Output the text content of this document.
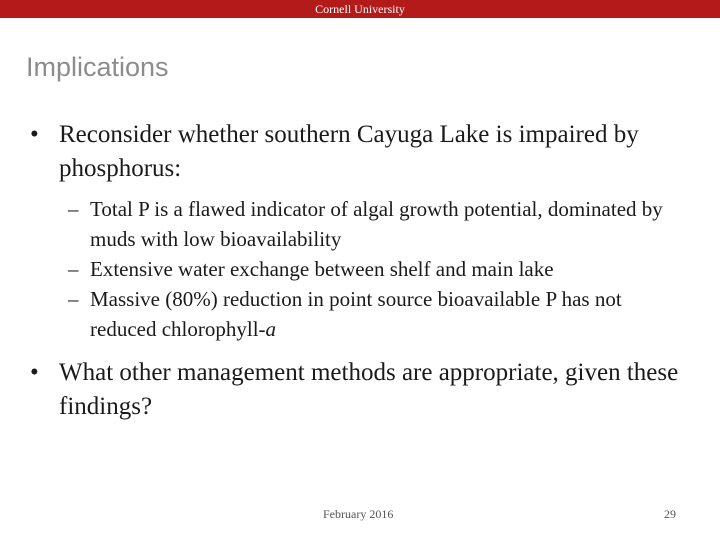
Cornell University
Implications
• Reconsider whether southern Cayuga Lake is impaired by phosphorus:
– Total P is a flawed indicator of algal growth potential, dominated by muds with low bioavailability
– Extensive water exchange between shelf and main lake
– Massive (80%) reduction in point source bioavailable P has not reduced chlorophyll-a
• What other management methods are appropriate, given these findings?
February 2016	29
